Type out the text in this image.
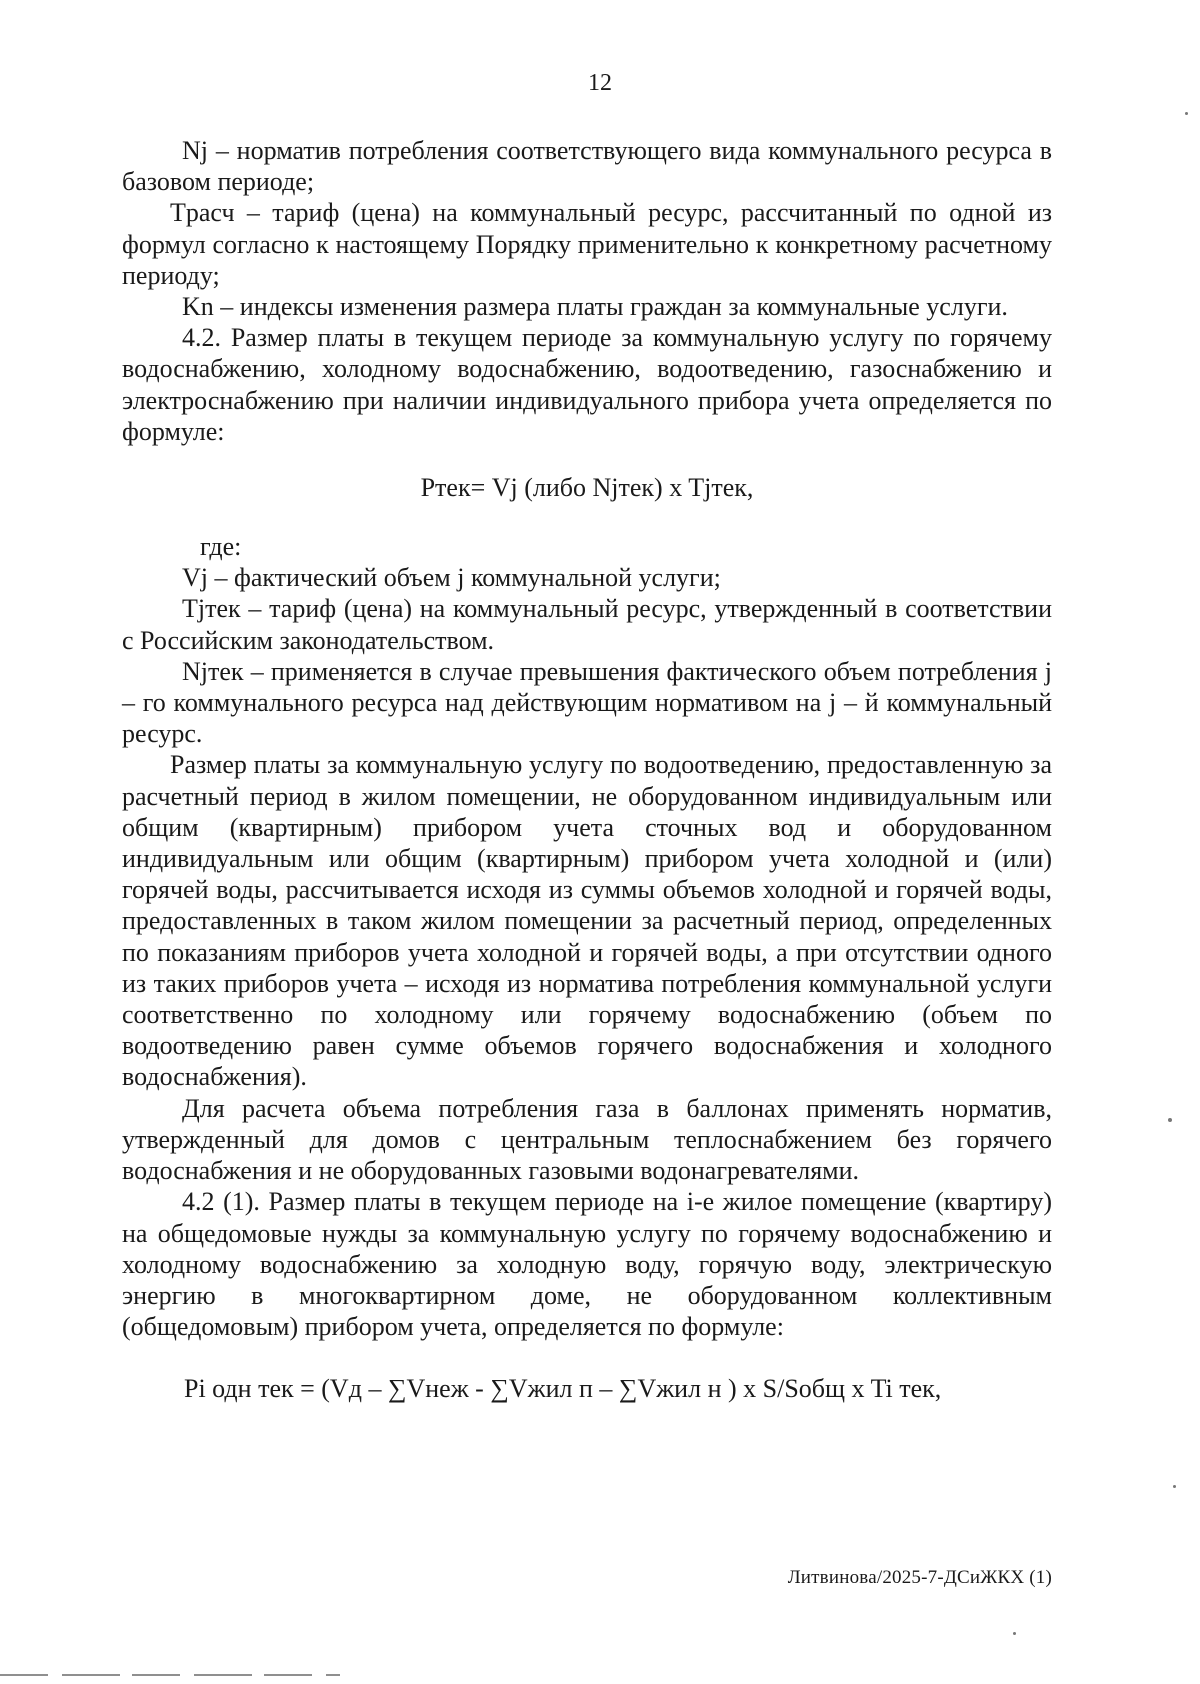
12

Nj – норматив потребления соответствующего вида коммунального ресурса в базовом периоде;

Tрасч – тариф (цена) на коммунальный ресурс, рассчитанный по одной из формул согласно к настоящему Порядку применительно к конкретному расчетному периоду;

Kn – индексы изменения размера платы граждан за коммунальные услуги.

4.2. Размер платы в текущем периоде за коммунальную услугу по горячему водоснабжению, холодному водоснабжению, водоотведению, газоснабжению и электроснабжению при наличии индивидуального прибора учета определяется по формуле:

Pтек= Vj (либо Njтек) x Tjтек,

где:

Vj – фактический объем j коммунальной услуги;

Tjтек – тариф (цена) на коммунальный ресурс, утвержденный в соответствии с Российским законодательством.

Njтек – применяется в случае превышения фактического объем потребления j – го коммунального ресурса над действующим нормативом на j – й коммунальный ресурс.

Размер платы за коммунальную услугу по водоотведению, предоставленную за расчетный период в жилом помещении, не оборудованном индивидуальным или общим (квартирным) прибором учета сточных вод и оборудованном индивидуальным или общим (квартирным) прибором учета холодной и (или) горячей воды, рассчитывается исходя из суммы объемов холодной и горячей воды, предоставленных в таком жилом помещении за расчетный период, определенных по показаниям приборов учета холодной и горячей воды, а при отсутствии одного из таких приборов учета – исходя из норматива потребления коммунальной услуги соответственно по холодному или горячему водоснабжению (объем по водоотведению равен сумме объемов горячего водоснабжения и холодного водоснабжения).

Для расчета объема потребления газа в баллонах применять норматив, утвержденный для домов с центральным теплоснабжением без горячего водоснабжения и не оборудованных газовыми водонагревателями.

4.2 (1). Размер платы в текущем периоде на i-е жилое помещение (квартиру) на общедомовые нужды за коммунальную услугу по горячему водоснабжению и холодному водоснабжению за холодную воду, горячую воду, электрическую энергию в многоквартирном доме, не оборудованном коллективным (общедомовым) прибором учета, определяется по формуле:

Pi одн тек = (Vд – ∑Vнеж - ∑Vжил п – ∑Vжил н ) x S/Sобщ x Ti тек,
Литвинова/2025-7-ДСиЖКХ (1)
